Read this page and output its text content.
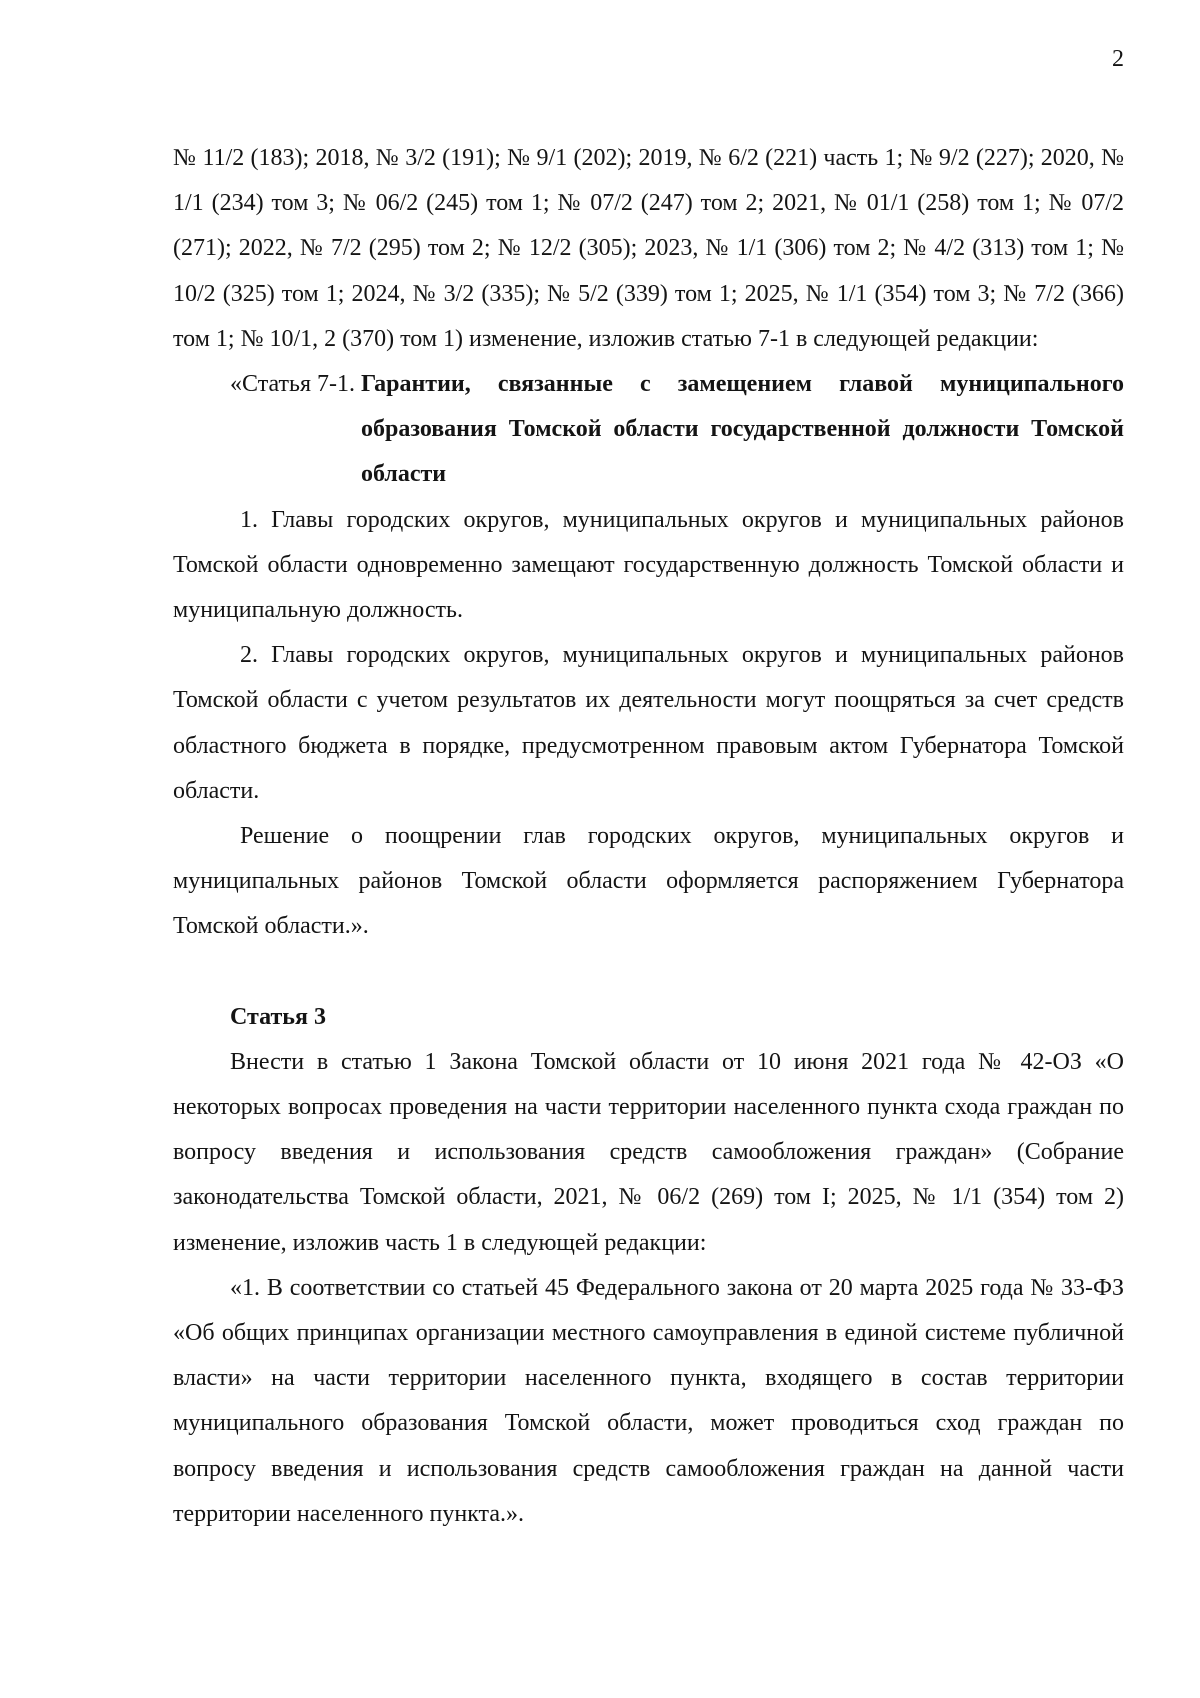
2

№ 11/2 (183); 2018, № 3/2 (191); № 9/1 (202); 2019, № 6/2 (221) часть 1; № 9/2 (227); 2020, № 1/1 (234) том 3; № 06/2 (245) том 1; № 07/2 (247) том 2; 2021, № 01/1 (258) том 1; № 07/2 (271); 2022, № 7/2 (295) том 2; № 12/2 (305); 2023, № 1/1 (306) том 2; № 4/2 (313) том 1; № 10/2 (325) том 1; 2024, № 3/2 (335); № 5/2 (339) том 1; 2025, № 1/1 (354) том 3; № 7/2 (366) том 1; № 10/1, 2 (370) том 1) изменение, изложив статью 7-1 в следующей редакции:

«Статья 7-1. Гарантии, связанные с замещением главой муниципального образования Томской области государственной должности Томской области

1. Главы городских округов, муниципальных округов и муниципальных районов Томской области одновременно замещают государственную должность Томской области и муниципальную должность.

2. Главы городских округов, муниципальных округов и муниципальных районов Томской области с учетом результатов их деятельности могут поощряться за счет средств областного бюджета в порядке, предусмотренном правовым актом Губернатора Томской области.

Решение о поощрении глав городских округов, муниципальных округов и муниципальных районов Томской области оформляется распоряжением Губернатора Томской области.».

Статья 3

Внести в статью 1 Закона Томской области от 10 июня 2021 года № 42-ОЗ «О некоторых вопросах проведения на части территории населенного пункта схода граждан по вопросу введения и использования средств самообложения граждан» (Собрание законодательства Томской области, 2021, № 06/2 (269) том I; 2025, № 1/1 (354) том 2) изменение, изложив часть 1 в следующей редакции:

«1. В соответствии со статьей 45 Федерального закона от 20 марта 2025 года № 33-ФЗ «Об общих принципах организации местного самоуправления в единой системе публичной власти» на части территории населенного пункта, входящего в состав территории муниципального образования Томской области, может проводиться сход граждан по вопросу введения и использования средств самообложения граждан на данной части территории населенного пункта.».
